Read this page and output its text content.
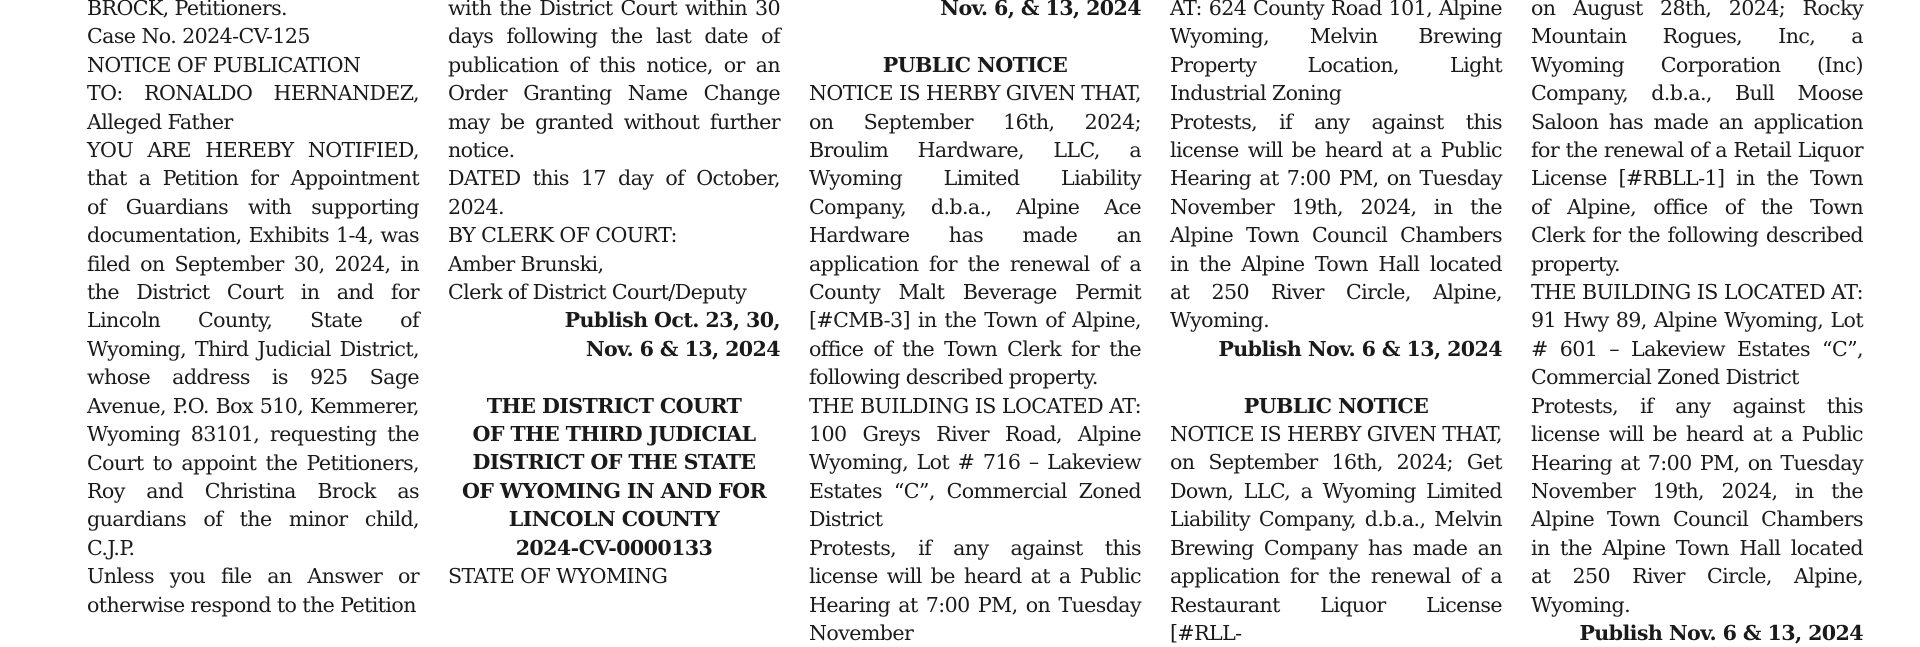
BROCK, Petitioners.

Case No. 2024-CV-125

NOTICE OF PUBLICATION

TO: RONALDO HERNANDEZ, Alleged Father

YOU ARE HEREBY NOTIFIED, that a Petition for Appointment of Guardians with supporting documentation, Exhibits 1-4, was filed on September 30, 2024, in the District Court in and for Lincoln County, State of Wyoming, Third Judicial District, whose address is 925 Sage Avenue, P.O. Box 510, Kemmerer, Wyoming 83101, requesting the Court to appoint the Petitioners, Roy and Christina Brock as guardians of the minor child, C.J.P.

Unless you file an Answer or otherwise respond to the Petition

with the District Court within 30 days following the last date of publication of this notice, or an Order Granting Name Change may be granted without further notice.

DATED this 17 day of October, 2024.

BY CLERK OF COURT:

Amber Brunski,

Clerk of District Court/Deputy

Publish Oct. 23, 30, Nov. 6 & 13, 2024

THE DISTRICT COURT

OF THE THIRD JUDICIAL

DISTRICT OF THE STATE

OF WYOMING IN AND FOR

LINCOLN COUNTY

2024-CV-0000133

STATE OF WYOMING

Nov. 6, & 13, 2024

PUBLIC NOTICE

NOTICE IS HERBY GIVEN THAT, on September 16th, 2024; Broulim Hardware, LLC, a Wyoming Limited Liability Company, d.b.a., Alpine Ace Hardware has made an application for the renewal of a County Malt Beverage Permit [#CMB-3] in the Town of Alpine, office of the Town Clerk for the following described property.

THE BUILDING IS LOCATED AT: 100 Greys River Road, Alpine Wyoming, Lot # 716 – Lakeview Estates “C”, Commercial Zoned District

Protests, if any against this license will be heard at a Public Hearing at 7:00 PM, on Tuesday November

AT: 624 County Road 101, Alpine Wyoming, Melvin Brewing Property Location, Light Industrial Zoning

Protests, if any against this license will be heard at a Public Hearing at 7:00 PM, on Tuesday November 19th, 2024, in the Alpine Town Council Chambers in the Alpine Town Hall located at 250 River Circle, Alpine, Wyoming.

Publish Nov. 6 & 13, 2024

PUBLIC NOTICE

NOTICE IS HERBY GIVEN THAT, on September 16th, 2024; Get Down, LLC, a Wyoming Limited Liability Company, d.b.a., Melvin Brewing Company has made an application for the renewal of a Restaurant Liquor License [#RLL-

on August 28th, 2024; Rocky Mountain Rogues, Inc, a Wyoming Corporation (Inc) Company, d.b.a., Bull Moose Saloon has made an application for the renewal of a Retail Liquor License [#RBLL-1] in the Town of Alpine, office of the Town Clerk for the following described property.

THE BUILDING IS LOCATED AT: 91 Hwy 89, Alpine Wyoming, Lot # 601 – Lakeview Estates “C”, Commercial Zoned District

Protests, if any against this license will be heard at a Public Hearing at 7:00 PM, on Tuesday November 19th, 2024, in the Alpine Town Council Chambers in the Alpine Town Hall located at 250 River Circle, Alpine, Wyoming.

Publish Nov. 6 & 13, 2024
